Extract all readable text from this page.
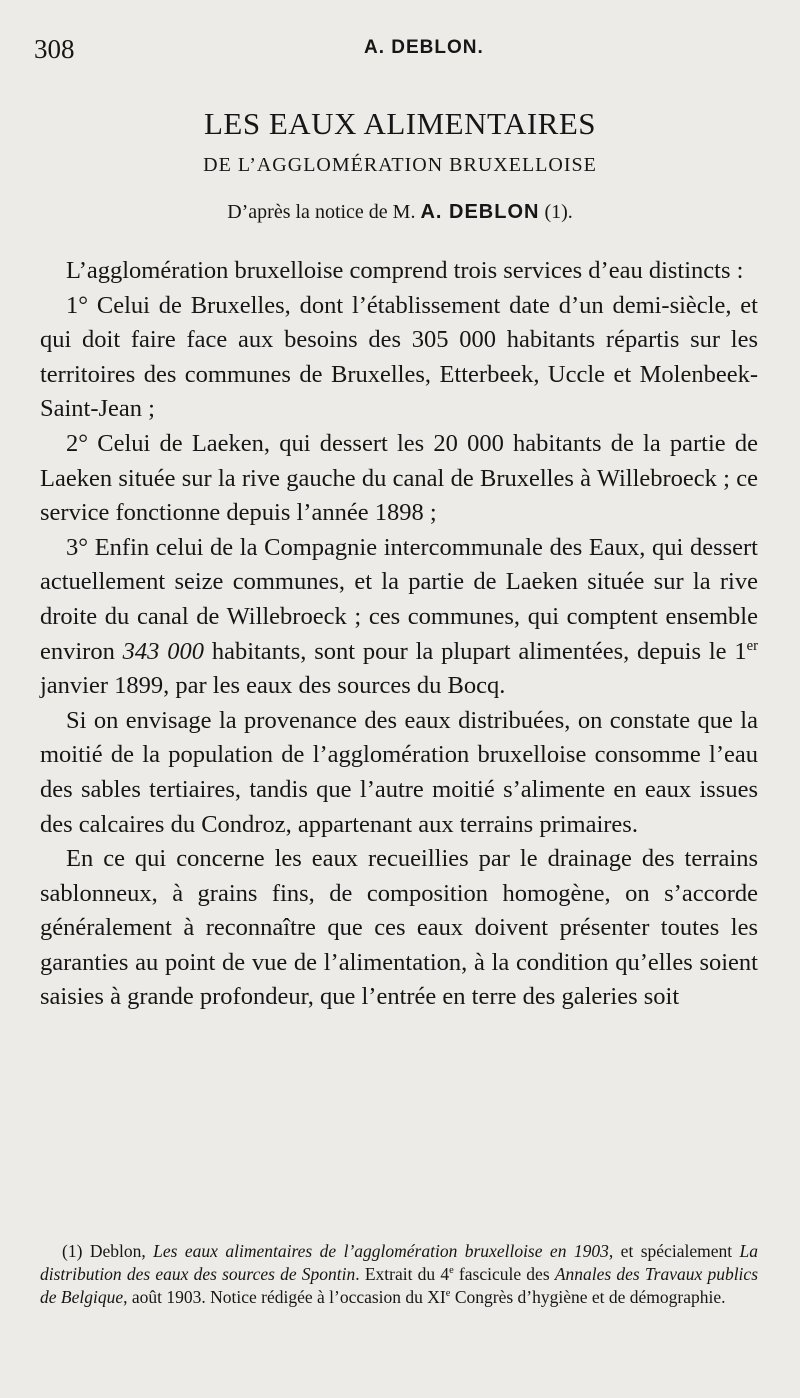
308	A. DEBLON.
LES EAUX ALIMENTAIRES
DE L’AGGLOMÉRATION BRUXELLOISE
D’après la notice de M. A. DEBLON (1).

L’agglomération bruxelloise comprend trois services d’eau distincts :

1° Celui de Bruxelles, dont l’établissement date d’un demi-siècle, et qui doit faire face aux besoins des 305 000 habitants répartis sur les territoires des communes de Bruxelles, Etterbeek, Uccle et Molenbeek-Saint-Jean ;

2° Celui de Laeken, qui dessert les 20 000 habitants de la partie de Laeken située sur la rive gauche du canal de Bruxelles à Willebroeck ; ce service fonctionne depuis l’année 1898 ;

3° Enfin celui de la Compagnie intercommunale des Eaux, qui dessert actuellement seize communes, et la partie de Laeken située sur la rive droite du canal de Willebroeck ; ces communes, qui comptent ensemble environ 343 000 habitants, sont pour la plupart alimentées, depuis le 1er janvier 1899, par les eaux des sources du Bocq.

Si on envisage la provenance des eaux distribuées, on constate que la moitié de la population de l’agglomération bruxelloise consomme l’eau des sables tertiaires, tandis que l’autre moitié s’alimente en eaux issues des calcaires du Condroz, appartenant aux terrains primaires.

En ce qui concerne les eaux recueillies par le drainage des terrains sablonneux, à grains fins, de composition homogène, on s’accorde généralement à reconnaître que ces eaux doivent présenter toutes les garanties au point de vue de l’alimentation, à la condition qu’elles soient saisies à grande profondeur, que l’entrée en terre des galeries soit

(1) Deblon, Les eaux alimentaires de l’agglomération bruxelloise en 1903, et spécialement La distribution des eaux des sources de Spontin. Extrait du 4e fascicule des Annales des Travaux publics de Belgique, août 1903. Notice rédigée à l’occasion du XIe Congrès d’hygiène et de démographie.
